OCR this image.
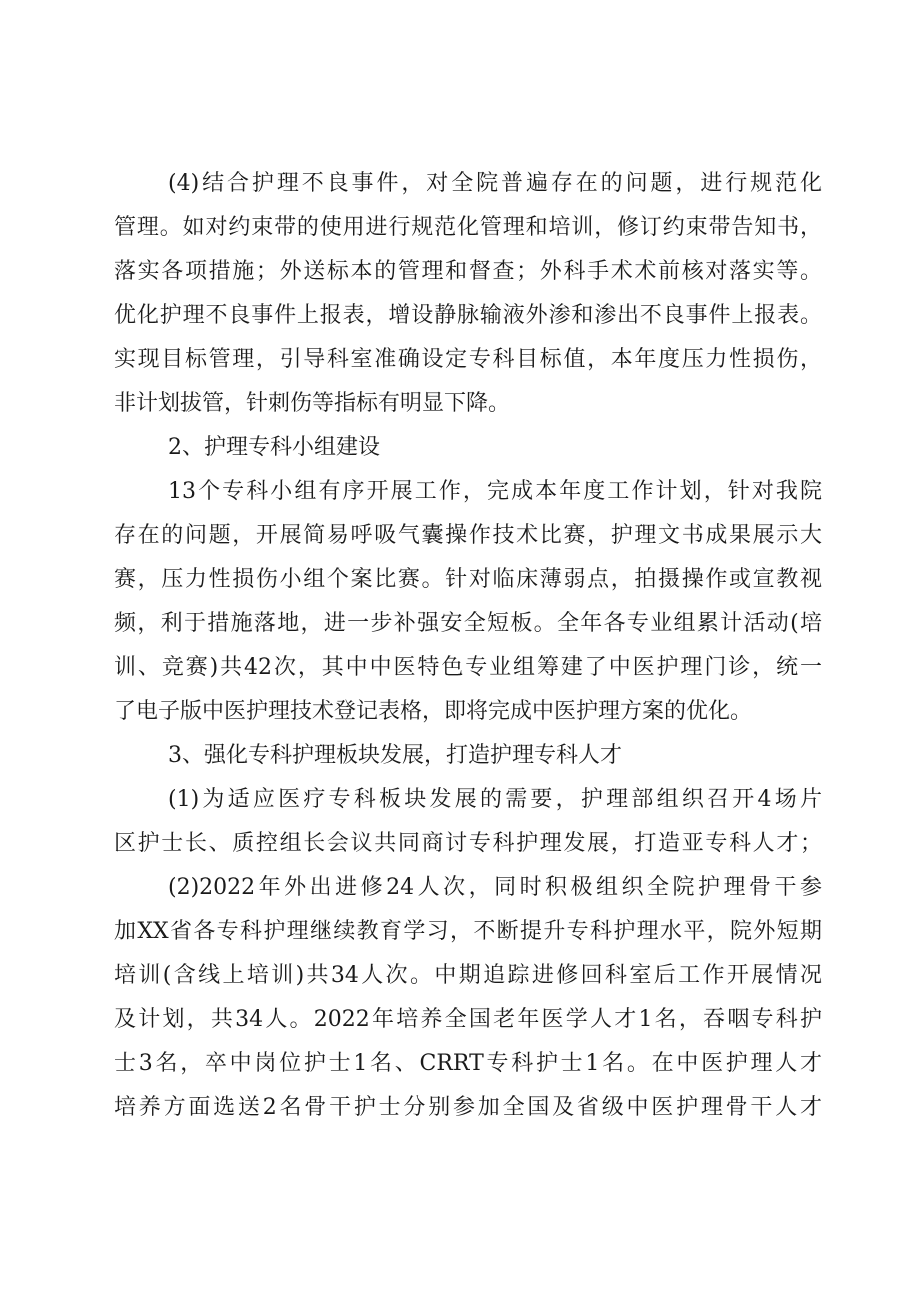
(4)结合护理不良事件，对全院普遍存在的问题，进行规范化
管理。如对约束带的使用进行规范化管理和培训，修订约束带告知书，
落实各项措施；外送标本的管理和督查；外科手术术前核对落实等。
优化护理不良事件上报表，增设静脉输液外渗和渗出不良事件上报表。
实现目标管理，引导科室准确设定专科目标值，本年度压力性损伤，
非计划拔管，针刺伤等指标有明显下降。
2、护理专科小组建设
13个专科小组有序开展工作，完成本年度工作计划，针对我院
存在的问题，开展简易呼吸气囊操作技术比赛，护理文书成果展示大
赛，压力性损伤小组个案比赛。针对临床薄弱点，拍摄操作或宣教视
频，利于措施落地，进一步补强安全短板。全年各专业组累计活动(培
训、竞赛)共42次，其中中医特色专业组筹建了中医护理门诊，统一
了电子版中医护理技术登记表格，即将完成中医护理方案的优化。
3、强化专科护理板块发展，打造护理专科人才
(1)为适应医疗专科板块发展的需要，护理部组织召开4场片
区护士长、质控组长会议共同商讨专科护理发展，打造亚专科人才；
(2)2022年外出进修24人次，同时积极组织全院护理骨干参
加XX省各专科护理继续教育学习，不断提升专科护理水平，院外短期
培训(含线上培训)共34人次。中期追踪进修回科室后工作开展情况
及计划，共34人。2022年培养全国老年医学人才1名，吞咽专科护
士3名，卒中岗位护士1名、CRRT专科护士1名。在中医护理人才
培养方面选送2名骨干护士分别参加全国及省级中医护理骨干人才
